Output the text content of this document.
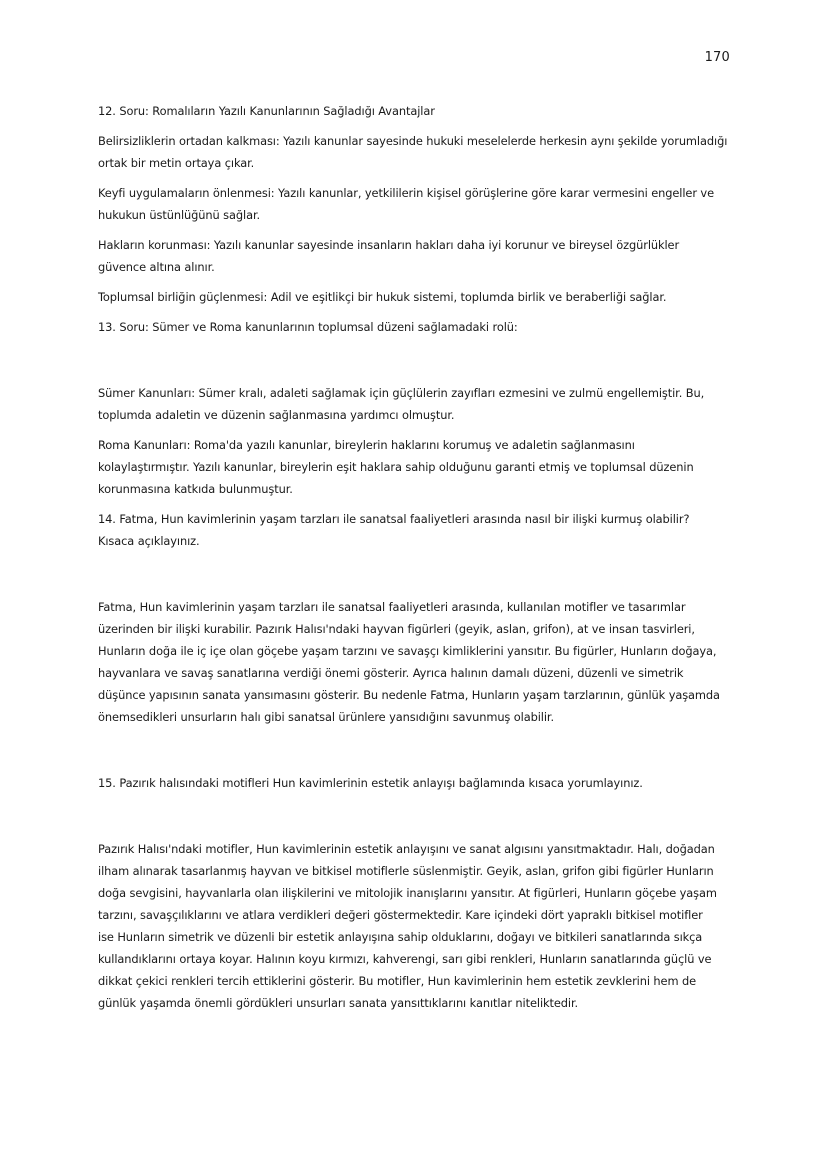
170

12. Soru: Romalıların Yazılı Kanunlarının Sağladığı Avantajlar

Belirsizliklerin ortadan kalkması: Yazılı kanunlar sayesinde hukuki meselelerde herkesin aynı şekilde yorumladığı
ortak bir metin ortaya çıkar.

Keyfi uygulamaların önlenmesi: Yazılı kanunlar, yetkililerin kişisel görüşlerine göre karar vermesini engeller ve
hukukun üstünlüğünü sağlar.

Hakların korunması: Yazılı kanunlar sayesinde insanların hakları daha iyi korunur ve bireysel özgürlükler
güvence altına alınır.

Toplumsal birliğin güçlenmesi: Adil ve eşitlikçi bir hukuk sistemi, toplumda birlik ve beraberliği sağlar.

13. Soru: Sümer ve Roma kanunlarının toplumsal düzeni sağlamadaki rolü:

Sümer Kanunları: Sümer kralı, adaleti sağlamak için güçlülerin zayıfları ezmesini ve zulmü engellemiştir. Bu,
toplumda adaletin ve düzenin sağlanmasına yardımcı olmuştur.

Roma Kanunları: Roma'da yazılı kanunlar, bireylerin haklarını korumuş ve adaletin sağlanmasını
kolaylaştırmıştır. Yazılı kanunlar, bireylerin eşit haklara sahip olduğunu garanti etmiş ve toplumsal düzenin
korunmasına katkıda bulunmuştur.

14. Fatma, Hun kavimlerinin yaşam tarzları ile sanatsal faaliyetleri arasında nasıl bir ilişki kurmuş olabilir?
Kısaca açıklayınız.

Fatma, Hun kavimlerinin yaşam tarzları ile sanatsal faaliyetleri arasında, kullanılan motifler ve tasarımlar
üzerinden bir ilişki kurabilir. Pazırık Halısı'ndaki hayvan figürleri (geyik, aslan, grifon), at ve insan tasvirleri,
Hunların doğa ile iç içe olan göçebe yaşam tarzını ve savaşçı kimliklerini yansıtır. Bu figürler, Hunların doğaya,
hayvanlara ve savaş sanatlarına verdiği önemi gösterir. Ayrıca halının damalı düzeni, düzenli ve simetrik
düşünce yapısının sanata yansımasını gösterir. Bu nedenle Fatma, Hunların yaşam tarzlarının, günlük yaşamda
önemsedikleri unsurların halı gibi sanatsal ürünlere yansıdığını savunmuş olabilir.

15. Pazırık halısındaki motifleri Hun kavimlerinin estetik anlayışı bağlamında kısaca yorumlayınız.

Pazırık Halısı'ndaki motifler, Hun kavimlerinin estetik anlayışını ve sanat algısını yansıtmaktadır. Halı, doğadan
ilham alınarak tasarlanmış hayvan ve bitkisel motiflerle süslenmiştir. Geyik, aslan, grifon gibi figürler Hunların
doğa sevgisini, hayvanlarla olan ilişkilerini ve mitolojik inanışlarını yansıtır. At figürleri, Hunların göçebe yaşam
tarzını, savaşçılıklarını ve atlara verdikleri değeri göstermektedir. Kare içindeki dört yapraklı bitkisel motifler
ise Hunların simetrik ve düzenli bir estetik anlayışına sahip olduklarını, doğayı ve bitkileri sanatlarında sıkça
kullandıklarını ortaya koyar. Halının koyu kırmızı, kahverengi, sarı gibi renkleri, Hunların sanatlarında güçlü ve
dikkat çekici renkleri tercih ettiklerini gösterir. Bu motifler, Hun kavimlerinin hem estetik zevklerini hem de
günlük yaşamda önemli gördükleri unsurları sanata yansıttıklarını kanıtlar niteliktedir.
